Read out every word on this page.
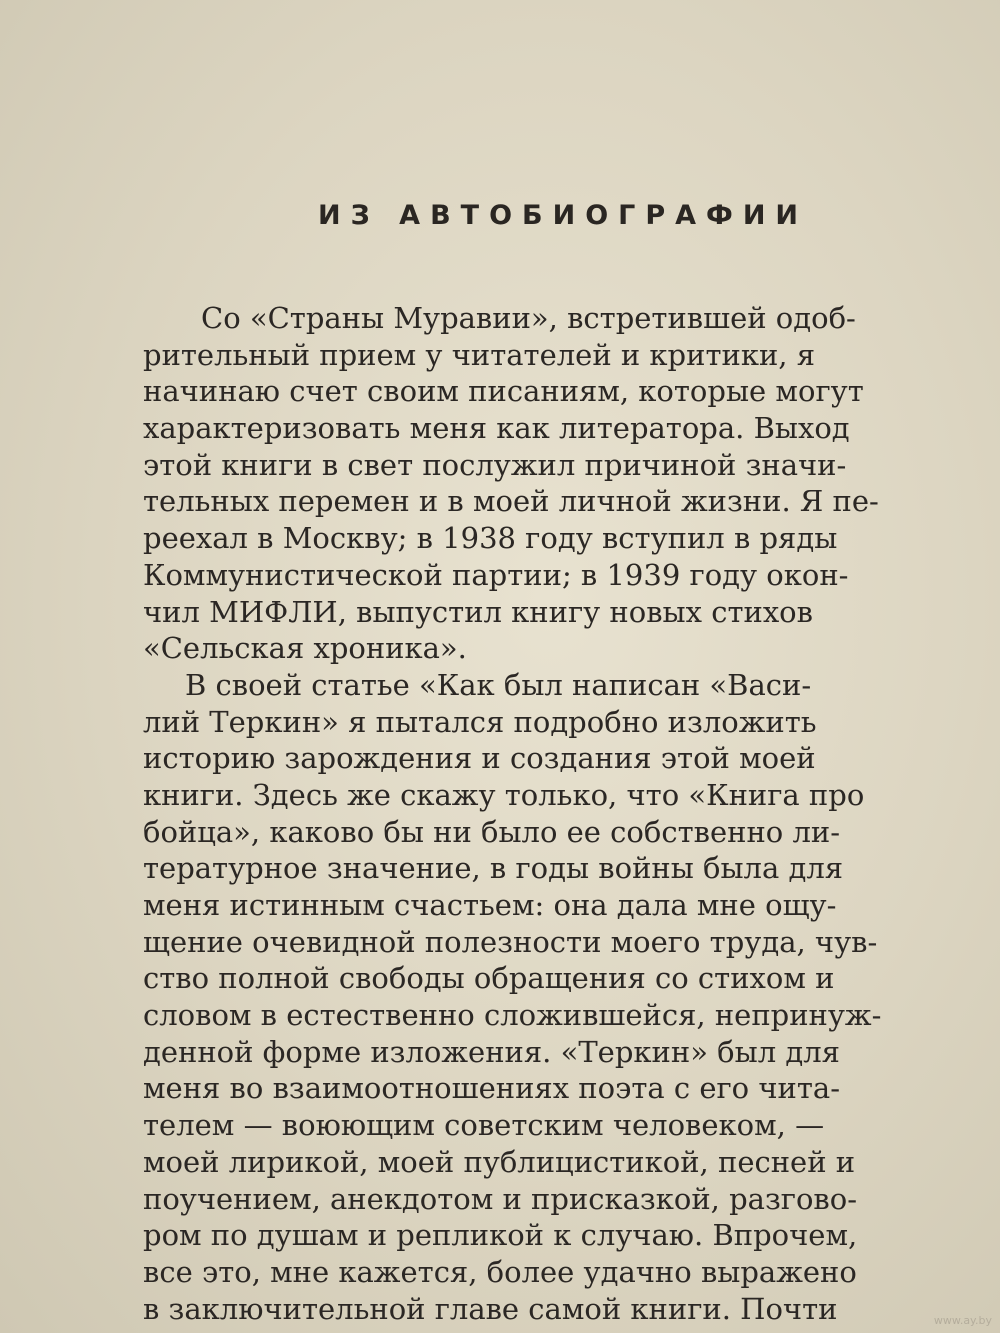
ИЗ АВТОБИОГРАФИИ
Со «Страны Муравии», встретившей одоб-
рительный прием у читателей и критики, я
начинаю счет своим писаниям, которые могут
характеризовать меня как литератора. Выход
этой книги в свет послужил причиной значи-
тельных перемен и в моей личной жизни. Я пе-
реехал в Москву; в 1938 году вступил в ряды
Коммунистической партии; в 1939 году окон-
чил МИФЛИ, выпустил книгу новых стихов
«Сельская хроника».
В своей статье «Как был написан «Васи-
лий Теркин» я пытался подробно изложить
историю зарождения и создания этой моей
книги. Здесь же скажу только, что «Книга про
бойца», каково бы ни было ее собственно ли-
тературное значение, в годы войны была для
меня истинным счастьем: она дала мне ощу-
щение очевидной полезности моего труда, чув-
ство полной свободы обращения со стихом и
словом в естественно сложившейся, непринуж-
денной форме изложения. «Теркин» был для
меня во взаимоотношениях поэта с его чита-
телем — воюющим советским человеком, —
моей лирикой, моей публицистикой, песней и
поучением, анекдотом и присказкой, разгово-
ром по душам и репликой к случаю. Впрочем,
все это, мне кажется, более удачно выражено
в заключительной главе самой книги. Почти	www.ay.by
